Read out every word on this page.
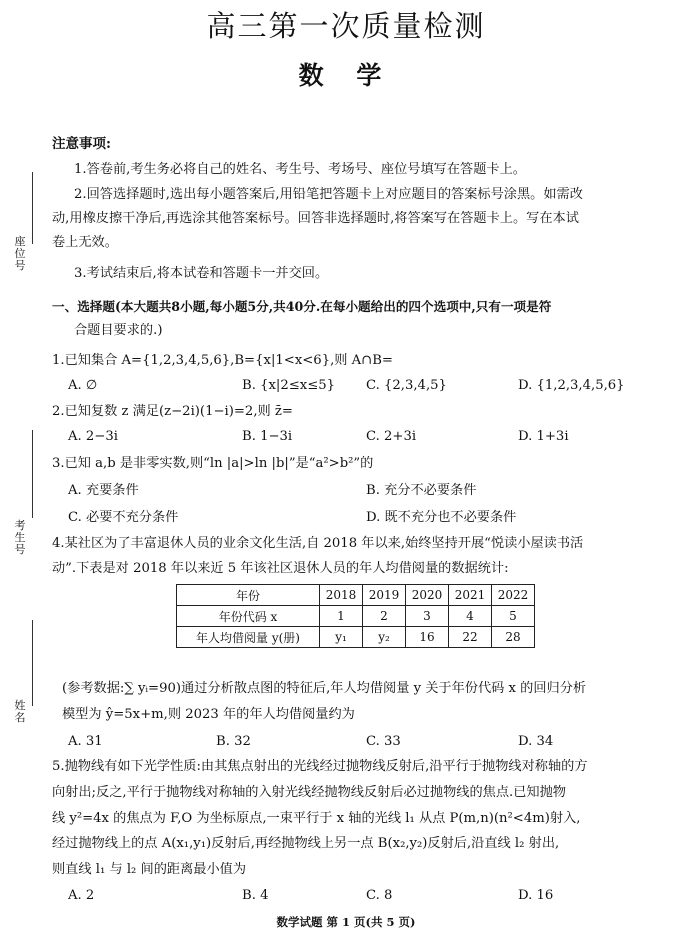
高三第一次质量检测
数 学
座位号
考生号
姓名
注意事项:
1.答卷前,考生务必将自己的姓名、考生号、考场号、座位号填写在答题卡上。
2.回答选择题时,选出每小题答案后,用铅笔把答题卡上对应题目的答案标号涂黑。如需改
动,用橡皮擦干净后,再选涂其他答案标号。回答非选择题时,将答案写在答题卡上。写在本试
卷上无效。
3.考试结束后,将本试卷和答题卡一并交回。
一、选择题(本大题共8小题,每小题5分,共40分.在每小题给出的四个选项中,只有一项是符
合题目要求的.)
1.已知集合 A={1,2,3,4,5,6},B={x|1<x<6},则 A∩B=
A. ∅	B. {x|2≤x≤5} C. {2,3,4,5}	D. {1,2,3,4,5,6}
2.已知复数 z 满足(z−2i)(1−i)=2,则 z̄=
A. 2−3i	B. 1−3i	C. 2+3i	D. 1+3i
3.已知 a,b 是非零实数,则“ln |a|>ln |b|”是“a²>b²”的
A. 充要条件	B. 充分不必要条件
C. 必要不充分条件	D. 既不充分也不必要条件
4.某社区为了丰富退休人员的业余文化生活,自 2018 年以来,始终坚持开展“悦读小屋读书活
动”.下表是对 2018 年以来近 5 年该社区退休人员的年人均借阅量的数据统计:
年份	2018	2019	2020	2021	2022
年份代码 x	1	2	3	4	5
年人均借阅量 y(册)	y₁	y₂	16	22	28
(参考数据:∑ yᵢ=90)通过分析散点图的特征后,年人均借阅量 y 关于年份代码 x 的回归分析
模型为 ŷ=5x+m,则 2023 年的年人均借阅量约为
A. 31	B. 32	C. 33	D. 34
5.抛物线有如下光学性质:由其焦点射出的光线经过抛物线反射后,沿平行于抛物线对称轴的方
向射出;反之,平行于抛物线对称轴的入射光线经抛物线反射后必过抛物线的焦点.已知抛物
线 y²=4x 的焦点为 F,O 为坐标原点,一束平行于 x 轴的光线 l₁ 从点 P(m,n)(n²<4m)射入,
经过抛物线上的点 A(x₁,y₁)反射后,再经抛物线上另一点 B(x₂,y₂)反射后,沿直线 l₂ 射出,
则直线 l₁ 与 l₂ 间的距离最小值为
A. 2	B. 4	C. 8	D. 16
数学试题 第 1 页(共 5 页)
